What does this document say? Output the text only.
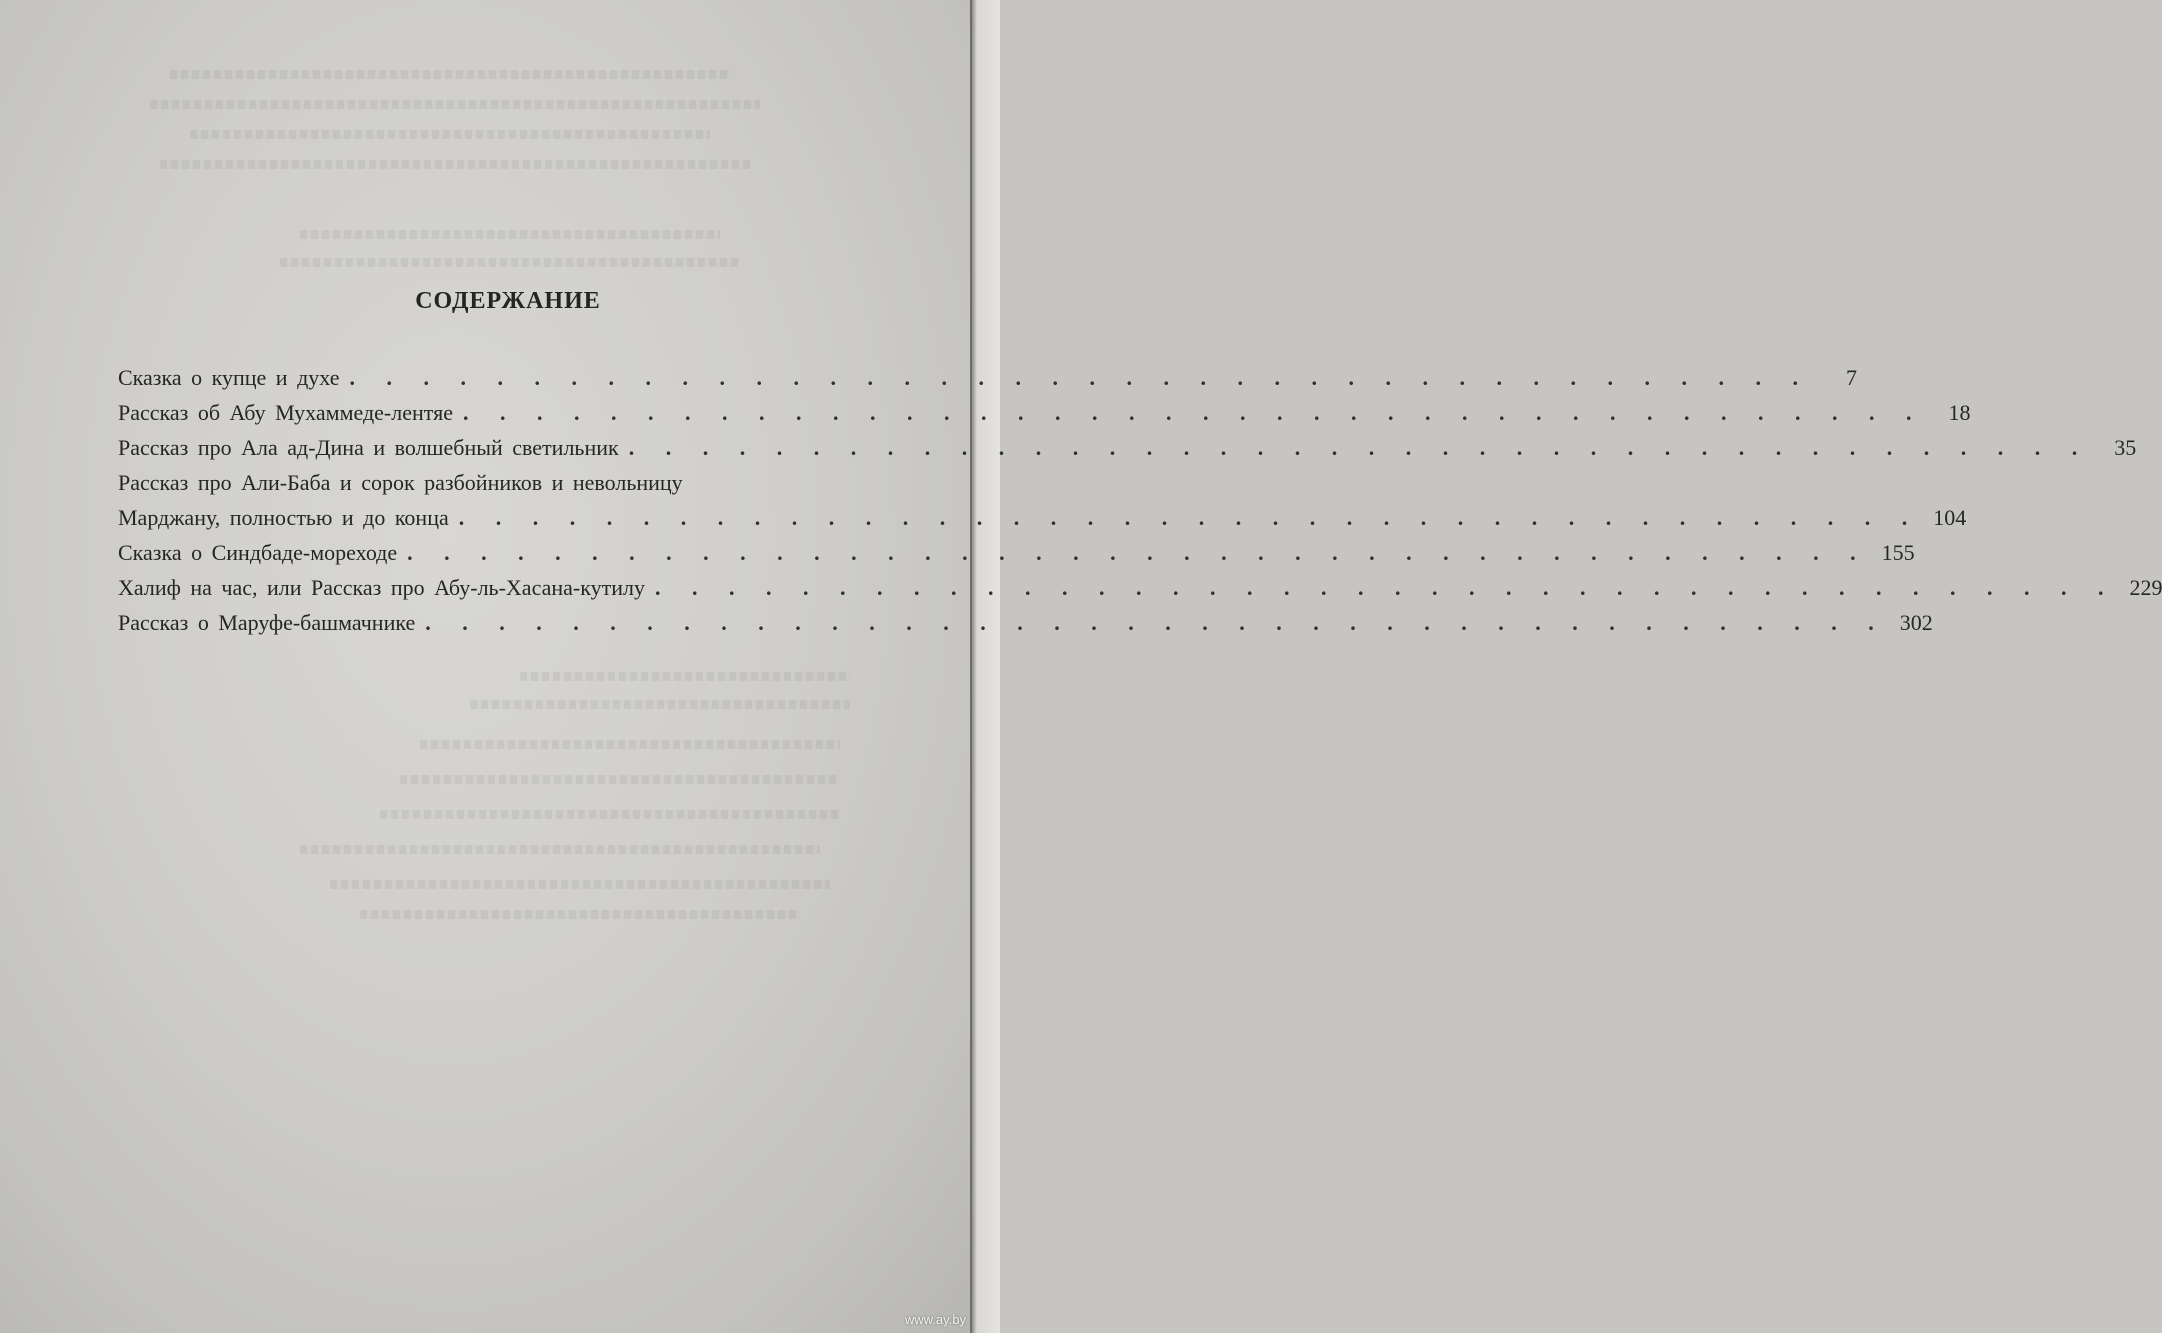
СОДЕРЖАНИЕ
Сказка о купце и духе . . . . . . . . . . . . . . . . . . . . . . . . . . . . . . . . . . . . . . . .	7
Рассказ об Абу Мухаммеде-лентяе . . . . . . . . . . . . . . . . . . . . . . . . . . . . . . . . . . . . . . . .	18
Рассказ про Ала ад-Дина и волшебный светильник . . . . . . . . . . . . . . . . . . . . . . . . . . . . . . . . . . . . . . . .	35
Рассказ про Али-Баба и сорок разбойников и невольницу
Марджану, полностью и до конца . . . . . . . . . . . . . . . . . . . . . . . . . . . . . . . . . . . . . . . . 104
Сказка о Синдбаде-мореходе . . . . . . . . . . . . . . . . . . . . . . . . . . . . . . . . . . . . . . . . 155
Халиф на час, или Рассказ про Абу-ль-Хасана-кутилу . . . . . . . . . . . . . . . . . . . . . . . . . . . . . . . . . . . . . . . . 229
Рассказ о Маруфе-башмачнике . . . . . . . . . . . . . . . . . . . . . . . . . . . . . . . . . . . . . . . . 302
www.ay.by
